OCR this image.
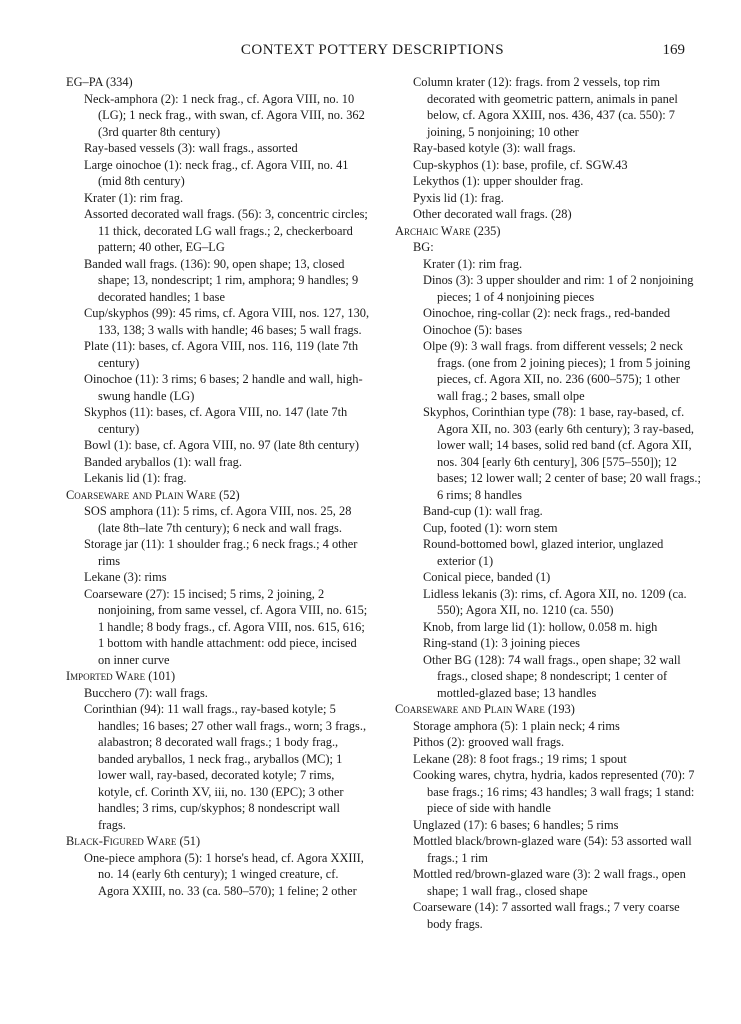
CONTEXT POTTERY DESCRIPTIONS	169

EG–PA (334)

Neck-amphora (2): 1 neck frag., cf. Agora VIII, no. 10 (LG); 1 neck frag., with swan, cf. Agora VIII, no. 362 (3rd quarter 8th century)

Ray-based vessels (3): wall frags., assorted

Large oinochoe (1): neck frag., cf. Agora VIII, no. 41 (mid 8th century)

Krater (1): rim frag.

Assorted decorated wall frags. (56): 3, concentric circles; 11 thick, decorated LG wall frags.; 2, checkerboard pattern; 40 other, EG–LG

Banded wall frags. (136): 90, open shape; 13, closed shape; 13, nondescript; 1 rim, amphora; 9 handles; 9 decorated handles; 1 base

Cup/skyphos (99): 45 rims, cf. Agora VIII, nos. 127, 130, 133, 138; 3 walls with handle; 46 bases; 5 wall frags.

Plate (11): bases, cf. Agora VIII, nos. 116, 119 (late 7th century)

Oinochoe (11): 3 rims; 6 bases; 2 handle and wall, high-swung handle (LG)

Skyphos (11): bases, cf. Agora VIII, no. 147 (late 7th century)

Bowl (1): base, cf. Agora VIII, no. 97 (late 8th century)

Banded aryballos (1): wall frag.

Lekanis lid (1): frag.

Coarseware and Plain Ware (52)

SOS amphora (11): 5 rims, cf. Agora VIII, nos. 25, 28 (late 8th–late 7th century); 6 neck and wall frags.

Storage jar (11): 1 shoulder frag.; 6 neck frags.; 4 other rims

Lekane (3): rims

Coarseware (27): 15 incised; 5 rims, 2 joining, 2 nonjoining, from same vessel, cf. Agora VIII, no. 615; 1 handle; 8 body frags., cf. Agora VIII, nos. 615, 616; 1 bottom with handle attachment: odd piece, incised on inner curve

Imported Ware (101)

Bucchero (7): wall frags.

Corinthian (94): 11 wall frags., ray-based kotyle; 5 handles; 16 bases; 27 other wall frags., worn; 3 frags., alabastron; 8 decorated wall frags.; 1 body frag., banded aryballos, 1 neck frag., aryballos (MC); 1 lower wall, ray-based, decorated kotyle; 7 rims, kotyle, cf. Corinth XV, iii, no. 130 (EPC); 3 other handles; 3 rims, cup/skyphos; 8 nondescript wall frags.

Black-Figured Ware (51)

One-piece amphora (5): 1 horse's head, cf. Agora XXIII, no. 14 (early 6th century); 1 winged creature, cf. Agora XXIII, no. 33 (ca. 580–570); 1 feline; 2 other

Column krater (12): frags. from 2 vessels, top rim decorated with geometric pattern, animals in panel below, cf. Agora XXIII, nos. 436, 437 (ca. 550): 7 joining, 5 nonjoining; 10 other

Ray-based kotyle (3): wall frags.

Cup-skyphos (1): base, profile, cf. SGW.43

Lekythos (1): upper shoulder frag.

Pyxis lid (1): frag.

Other decorated wall frags. (28)

Archaic Ware (235)

BG:

Krater (1): rim frag.

Dinos (3): 3 upper shoulder and rim: 1 of 2 nonjoining pieces; 1 of 4 nonjoining pieces

Oinochoe, ring-collar (2): neck frags., red-banded

Oinochoe (5): bases

Olpe (9): 3 wall frags. from different vessels; 2 neck frags. (one from 2 joining pieces); 1 from 5 joining pieces, cf. Agora XII, no. 236 (600–575); 1 other wall frag.; 2 bases, small olpe

Skyphos, Corinthian type (78): 1 base, ray-based, cf. Agora XII, no. 303 (early 6th century); 3 ray-based, lower wall; 14 bases, solid red band (cf. Agora XII, nos. 304 [early 6th century], 306 [575–550]); 12 bases; 12 lower wall; 2 center of base; 20 wall frags.; 6 rims; 8 handles

Band-cup (1): wall frag.

Cup, footed (1): worn stem

Round-bottomed bowl, glazed interior, unglazed exterior (1)

Conical piece, banded (1)

Lidless lekanis (3): rims, cf. Agora XII, no. 1209 (ca. 550); Agora XII, no. 1210 (ca. 550)

Knob, from large lid (1): hollow, 0.058 m. high

Ring-stand (1): 3 joining pieces

Other BG (128): 74 wall frags., open shape; 32 wall frags., closed shape; 8 nondescript; 1 center of mottled-glazed base; 13 handles

Coarseware and Plain Ware (193)

Storage amphora (5): 1 plain neck; 4 rims

Pithos (2): grooved wall frags.

Lekane (28): 8 foot frags.; 19 rims; 1 spout

Cooking wares, chytra, hydria, kados represented (70): 7 base frags.; 16 rims; 43 handles; 3 wall frags; 1 stand: piece of side with handle

Unglazed (17): 6 bases; 6 handles; 5 rims

Mottled black/brown-glazed ware (54): 53 assorted wall frags.; 1 rim

Mottled red/brown-glazed ware (3): 2 wall frags., open shape; 1 wall frag., closed shape

Coarseware (14): 7 assorted wall frags.; 7 very coarse body frags.
